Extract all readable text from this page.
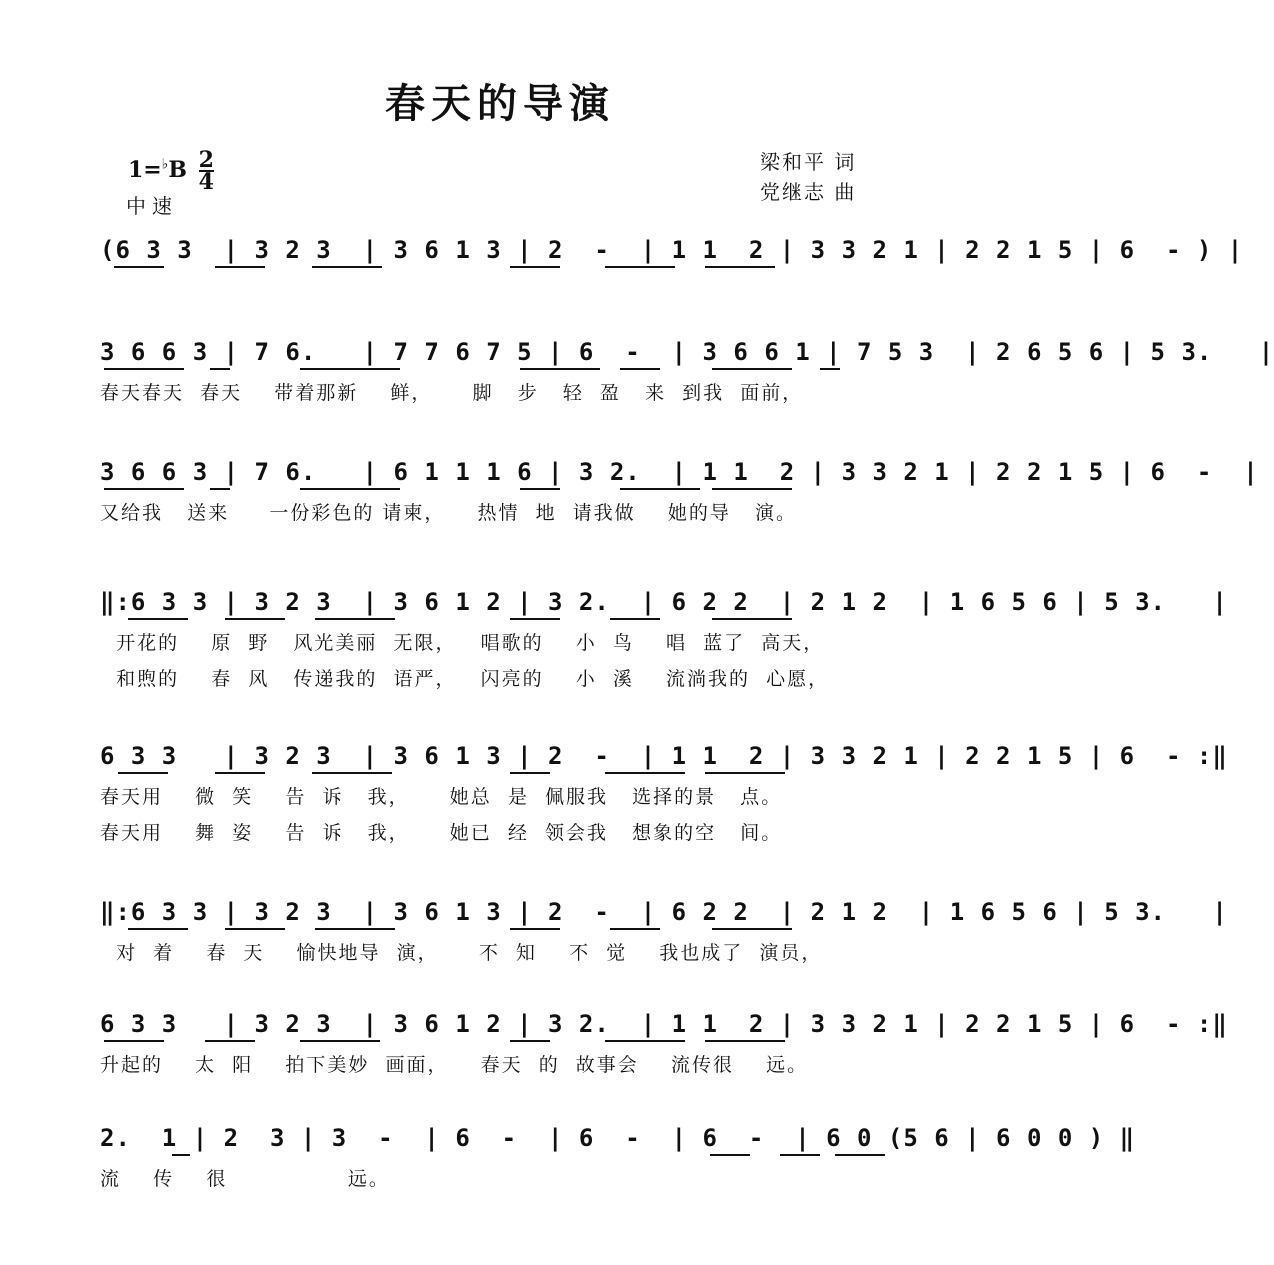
春天的导演
$1=^♭B \frac{2}{4}$
中速
梁和平 词
党继志 曲
(6 3 3  | 3 2 3  | 3 6 1 3 | 2  -  | 1 1  2 | 3 3 2 1 | 2 2 1 5 | 6  - ) |
3 6 6 3 | 7 6.   | 7 7 6 7 5 | 6  -  | 3 6 6 1 | 7 5 3  | 2 6 5 6 | 5 3.   |
春天春天  春天    带着那新    鲜，     脚   步   轻  盈   来  到我  面前，
3 6 6 3 | 7 6.   | 6 1 1 1 6 | 3 2.  | 1 1  2 | 3 3 2 1 | 2 2 1 5 | 6  -  |
又给我   送来     一份彩色的 请柬，    热情  地  请我做    她的导   演。
‖:6 3 3 | 3 2 3  | 3 6 1 2 | 3 2.  | 6 2 2  | 2 1 2  | 1 6 5 6 | 5 3.   |
开花的    原  野   风光美丽  无限，   唱歌的    小  鸟    唱  蓝了  高天，
和煦的    春  风   传递我的  语严，   闪亮的    小  溪    流淌我的  心愿，
6 3 3   | 3 2 3  | 3 6 1 3 | 2  -  | 1 1  2 | 3 3 2 1 | 2 2 1 5 | 6  - :‖
春天用    微  笑    告  诉   我，     她总  是  佩服我   选择的景   点。
春天用    舞  姿    告  诉   我，     她已  经  领会我   想象的空   间。
‖:6 3 3 | 3 2 3  | 3 6 1 3 | 2  -  | 6 2 2  | 2 1 2  | 1 6 5 6 | 5 3.   |
对  着    春  天    愉快地导  演，     不  知    不  觉    我也成了  演员，
6 3 3   | 3 2 3  | 3 6 1 2 | 3 2.  | 1 1  2 | 3 3 2 1 | 2 2 1 5 | 6  - :‖
升起的    太  阳    拍下美妙  画面，    春天  的  故事会    流传很    远。
2.  1 | 2  3 | 3  -  | 6  -  | 6  -  | 6  -  | 6 0 (5 6 | 6 0 0 ) ‖
流    传    很               远。
